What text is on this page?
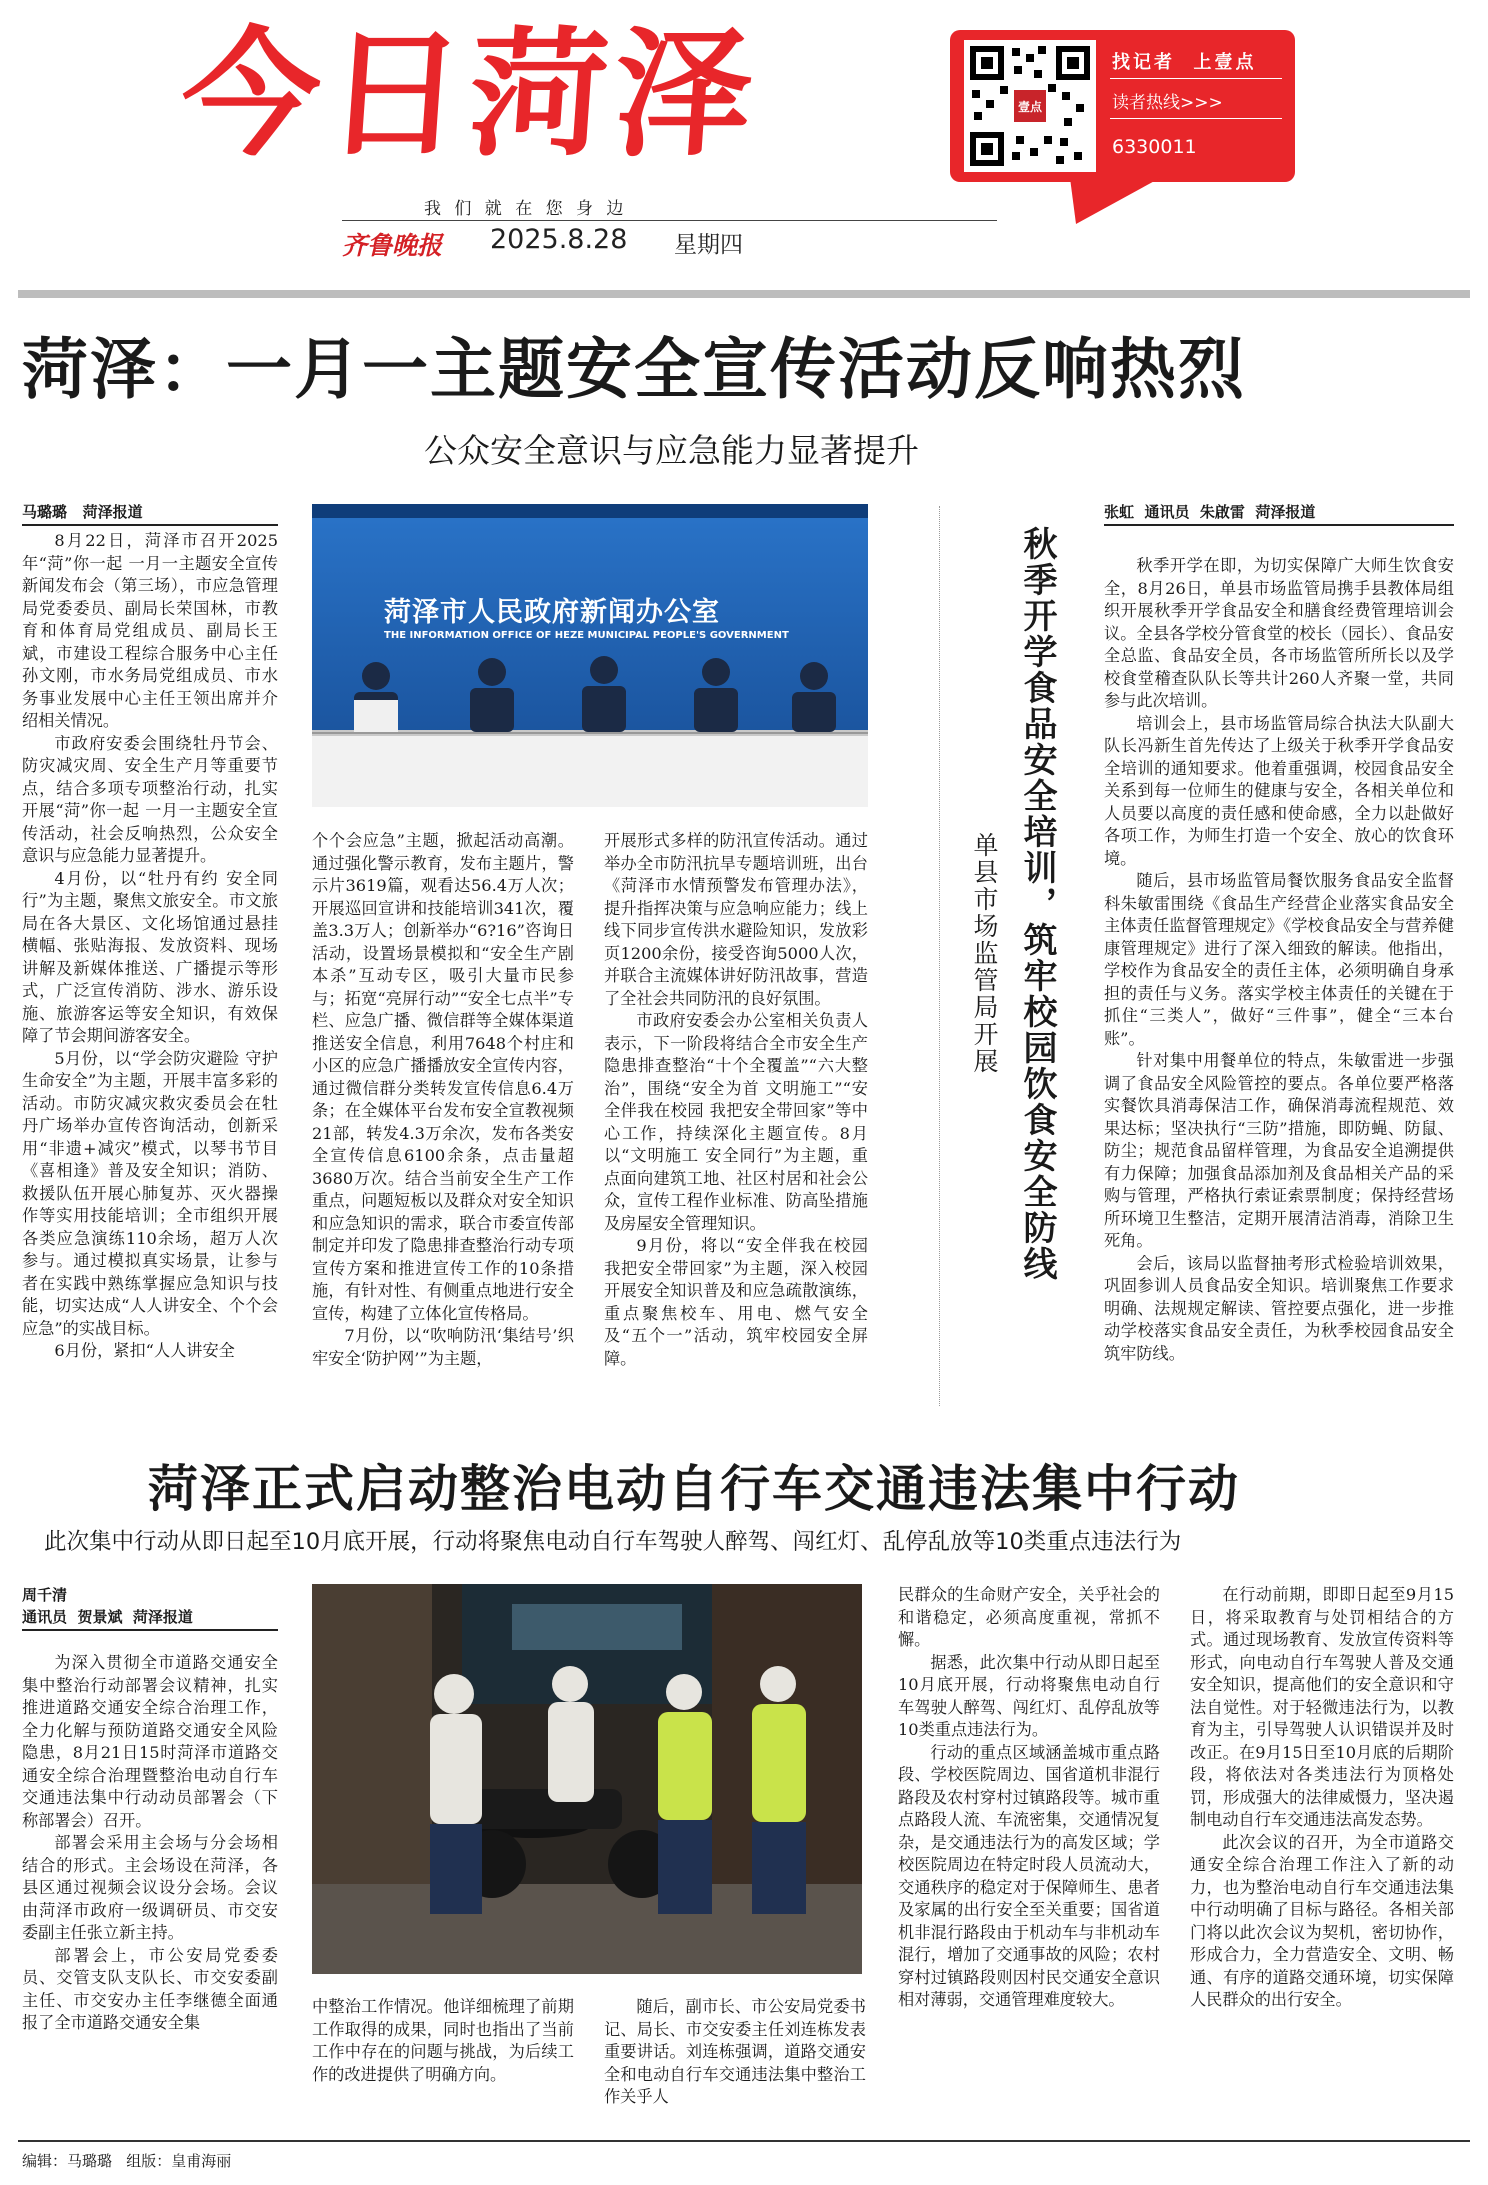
今日菏泽
我 们 就 在 您 身 边
齐鲁晚报 2025.8.28 星期四
壹点
找记者  上壹点
读者热线>>>
6330011
菏泽：一月一主题安全宣传活动反响热烈
公众安全意识与应急能力显著提升
马璐璐   菏泽报道

8月22日，菏泽市召开2025年“菏”你一起 一月一主题安全宣传新闻发布会（第三场），市应急管理局党委委员、副局长荣国林，市教育和体育局党组成员、副局长王斌，市建设工程综合服务中心主任孙文刚，市水务局党组成员、市水务事业发展中心主任王领出席并介绍相关情况。

市政府安委会围绕牡丹节会、防灾减灾周、安全生产月等重要节点，结合多项专项整治行动，扎实开展“菏”你一起 一月一主题安全宣传活动，社会反响热烈，公众安全意识与应急能力显著提升。

4月份，以“牡丹有约 安全同行”为主题，聚焦文旅安全。市文旅局在各大景区、文化场馆通过悬挂横幅、张贴海报、发放资料、现场讲解及新媒体推送、广播提示等形式，广泛宣传消防、涉水、游乐设施、旅游客运等安全知识，有效保障了节会期间游客安全。

5月份，以“学会防灾避险 守护生命安全”为主题，开展丰富多彩的活动。市防灾减灾救灾委员会在牡丹广场举办宣传咨询活动，创新采用“非遗+减灾”模式，以琴书节目《喜相逢》普及安全知识；消防、救援队伍开展心肺复苏、灭火器操作等实用技能培训；全市组织开展各类应急演练110余场，超万人次参与。通过模拟真实场景，让参与者在实践中熟练掌握应急知识与技能，切实达成“人人讲安全、个个会应急”的实战目标。

6月份，紧扣“人人讲安全

菏泽市人民政府新闻办公室
THE INFORMATION OFFICE OF HEZE MUNICIPAL PEOPLE'S GOVERNMENT

个个会应急”主题，掀起活动高潮。通过强化警示教育，发布主题片，警示片3619篇，观看达56.4万人次；开展巡回宣讲和技能培训341次，覆盖3.3万人；创新举办“6?16”咨询日活动，设置场景模拟和“安全生产剧本杀”互动专区，吸引大量市民参与；拓宽“亮屏行动”“安全七点半”专栏、应急广播、微信群等全媒体渠道推送安全信息，利用7648个村庄和小区的应急广播播放安全宣传内容，通过微信群分类转发宣传信息6.4万条；在全媒体平台发布安全宣教视频21部，转发4.3万余次，发布各类安全宣传信息6100余条，点击量超3680万次。结合当前安全生产工作重点，问题短板以及群众对安全知识和应急知识的需求，联合市委宣传部制定并印发了隐患排查整治行动专项宣传方案和推进宣传工作的10条措施，有针对性、有侧重点地进行安全宣传，构建了立体化宣传格局。

7月份，以“吹响防汛‘集结号’织牢安全‘防护网’”为主题，

开展形式多样的防汛宣传活动。通过举办全市防汛抗旱专题培训班，出台《菏泽市水情预警发布管理办法》，提升指挥决策与应急响应能力；线上线下同步宣传洪水避险知识，发放彩页1200余份，接受咨询5000人次，并联合主流媒体讲好防汛故事，营造了全社会共同防汛的良好氛围。

市政府安委会办公室相关负责人表示，下一阶段将结合全市安全生产隐患排查整治“十个全覆盖”“六大整治”，围绕“安全为首 文明施工”“安全伴我在校园 我把安全带回家”等中心工作，持续深化主题宣传。8月以“文明施工 安全同行”为主题，重点面向建筑工地、社区村居和社会公众，宣传工程作业标准、防高坠措施及房屋安全管理知识。

9月份，将以“安全伴我在校园 我把安全带回家”为主题，深入校园开展安全知识普及和应急疏散演练，重点聚焦校车、用电、燃气安全及“五个一”活动，筑牢校园安全屏障。

秋季开学食品安全培训，筑牢校园饮食安全防线
单县市场监管局开展
张虹  通讯员  朱啟雷  菏泽报道

秋季开学在即，为切实保障广大师生饮食安全，8月26日，单县市场监管局携手县教体局组织开展秋季开学食品安全和膳食经费管理培训会议。全县各学校分管食堂的校长（园长）、食品安全总监、食品安全员，各市场监管所所长以及学校食堂稽查队队长等共计260人齐聚一堂，共同参与此次培训。

培训会上，县市场监管局综合执法大队副大队长冯新生首先传达了上级关于秋季开学食品安全培训的通知要求。他着重强调，校园食品安全关系到每一位师生的健康与安全，各相关单位和人员要以高度的责任感和使命感，全力以赴做好各项工作，为师生打造一个安全、放心的饮食环境。

随后，县市场监管局餐饮服务食品安全监督科朱敏雷围绕《食品生产经营企业落实食品安全主体责任监督管理规定》《学校食品安全与营养健康管理规定》进行了深入细致的解读。他指出，学校作为食品安全的责任主体，必须明确自身承担的责任与义务。落实学校主体责任的关键在于抓住“三类人”，做好“三件事”，健全“三本台账”。

针对集中用餐单位的特点，朱敏雷进一步强调了食品安全风险管控的要点。各单位要严格落实餐饮具消毒保洁工作，确保消毒流程规范、效果达标；坚决执行“三防”措施，即防蝇、防鼠、防尘；规范食品留样管理，为食品安全追溯提供有力保障；加强食品添加剂及食品相关产品的采购与管理，严格执行索证索票制度；保持经营场所环境卫生整洁，定期开展清洁消毒，消除卫生死角。

会后，该局以监督抽考形式检验培训效果，巩固参训人员食品安全知识。培训聚焦工作要求明确、法规规定解读、管控要点强化，进一步推动学校落实食品安全责任，为秋季校园食品安全筑牢防线。

菏泽正式启动整治电动自行车交通违法集中行动
此次集中行动从即日起至10月底开展，行动将聚焦电动自行车驾驶人醉驾、闯红灯、乱停乱放等10类重点违法行为
周千清
通讯员  贺景斌  菏泽报道

为深入贯彻全市道路交通安全集中整治行动部署会议精神，扎实推进道路交通安全综合治理工作，全力化解与预防道路交通安全风险隐患，8月21日15时菏泽市道路交通安全综合治理暨整治电动自行车交通违法集中行动动员部署会（下称部署会）召开。

部署会采用主会场与分会场相结合的形式。主会场设在菏泽，各县区通过视频会议设分会场。会议由菏泽市政府一级调研员、市交安委副主任张立新主持。

部署会上，市公安局党委委员、交管支队支队长、市交安委副主任、市交安办主任李继德全面通报了全市道路交通安全集

中整治工作情况。他详细梳理了前期工作取得的成果，同时也指出了当前工作中存在的问题与挑战，为后续工作的改进提供了明确方向。

随后，副市长、市公安局党委书记、局长、市交安委主任刘连栋发表重要讲话。刘连栋强调，道路交通安全和电动自行车交通违法集中整治工作关乎人

民群众的生命财产安全，关乎社会的和谐稳定，必须高度重视，常抓不懈。

据悉，此次集中行动从即日起至10月底开展，行动将聚焦电动自行车驾驶人醉驾、闯红灯、乱停乱放等10类重点违法行为。

行动的重点区域涵盖城市重点路段、学校医院周边、国省道机非混行路段及农村穿村过镇路段等。城市重点路段人流、车流密集，交通情况复杂，是交通违法行为的高发区域；学校医院周边在特定时段人员流动大，交通秩序的稳定对于保障师生、患者及家属的出行安全至关重要；国省道机非混行路段由于机动车与非机动车混行，增加了交通事故的风险；农村穿村过镇路段则因村民交通安全意识相对薄弱，交通管理难度较大。

在行动前期，即即日起至9月15日，将采取教育与处罚相结合的方式。通过现场教育、发放宣传资料等形式，向电动自行车驾驶人普及交通安全知识，提高他们的安全意识和守法自觉性。对于轻微违法行为，以教育为主，引导驾驶人认识错误并及时改正。在9月15日至10月底的后期阶段，将依法对各类违法行为顶格处罚，形成强大的法律威慑力，坚决遏制电动自行车交通违法高发态势。

此次会议的召开，为全市道路交通安全综合治理工作注入了新的动力，也为整治电动自行车交通违法集中行动明确了目标与路径。各相关部门将以此次会议为契机，密切协作，形成合力，全力营造安全、文明、畅通、有序的道路交通环境，切实保障人民群众的出行安全。

编辑：马璐璐   组版：皇甫海丽
